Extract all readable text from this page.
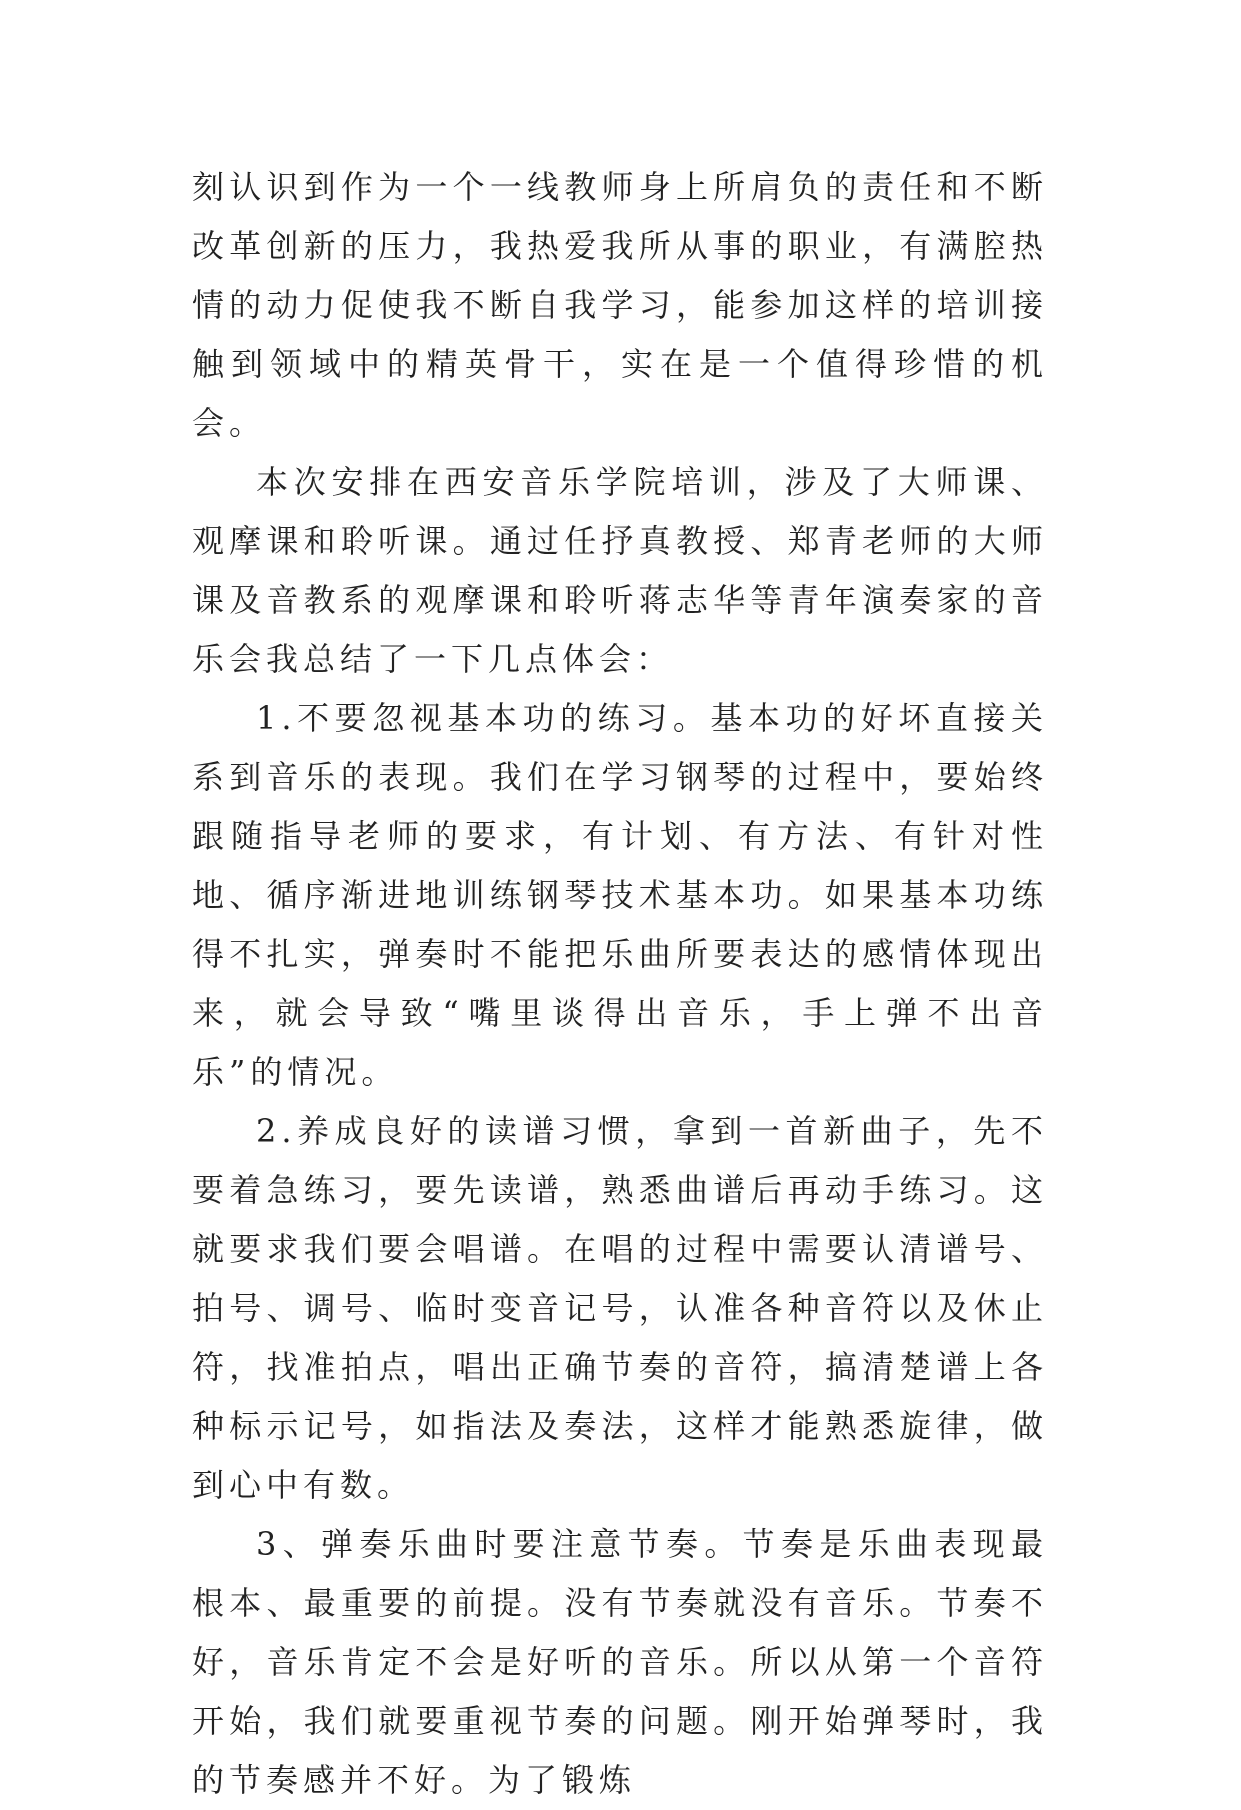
刻认识到作为一个一线教师身上所肩负的责任和不断改革创新的压力，我热爱我所从事的职业，有满腔热情的动力促使我不断自我学习，能参加这样的培训接触到领域中的精英骨干，实在是一个值得珍惜的机会。

本次安排在西安音乐学院培训，涉及了大师课、观摩课和聆听课。通过任抒真教授、郑青老师的大师课及音教系的观摩课和聆听蒋志华等青年演奏家的音乐会我总结了一下几点体会：

1.不要忽视基本功的练习。基本功的好坏直接关系到音乐的表现。我们在学习钢琴的过程中，要始终跟随指导老师的要求，有计划、有方法、有针对性地、循序渐进地训练钢琴技术基本功。如果基本功练得不扎实，弹奏时不能把乐曲所要表达的感情体现出来，就会导致“嘴里谈得出音乐，手上弹不出音乐”的情况。

2.养成良好的读谱习惯，拿到一首新曲子，先不要着急练习，要先读谱，熟悉曲谱后再动手练习。这就要求我们要会唱谱。在唱的过程中需要认清谱号、拍号、调号、临时变音记号，认准各种音符以及休止符，找准拍点，唱出正确节奏的音符，搞清楚谱上各种标示记号，如指法及奏法，这样才能熟悉旋律，做到心中有数。

3、弹奏乐曲时要注意节奏。节奏是乐曲表现最根本、最重要的前提。没有节奏就没有音乐。节奏不好，音乐肯定不会是好听的音乐。所以从第一个音符开始，我们就要重视节奏的问题。刚开始弹琴时，我的节奏感并不好。为了锻炼
